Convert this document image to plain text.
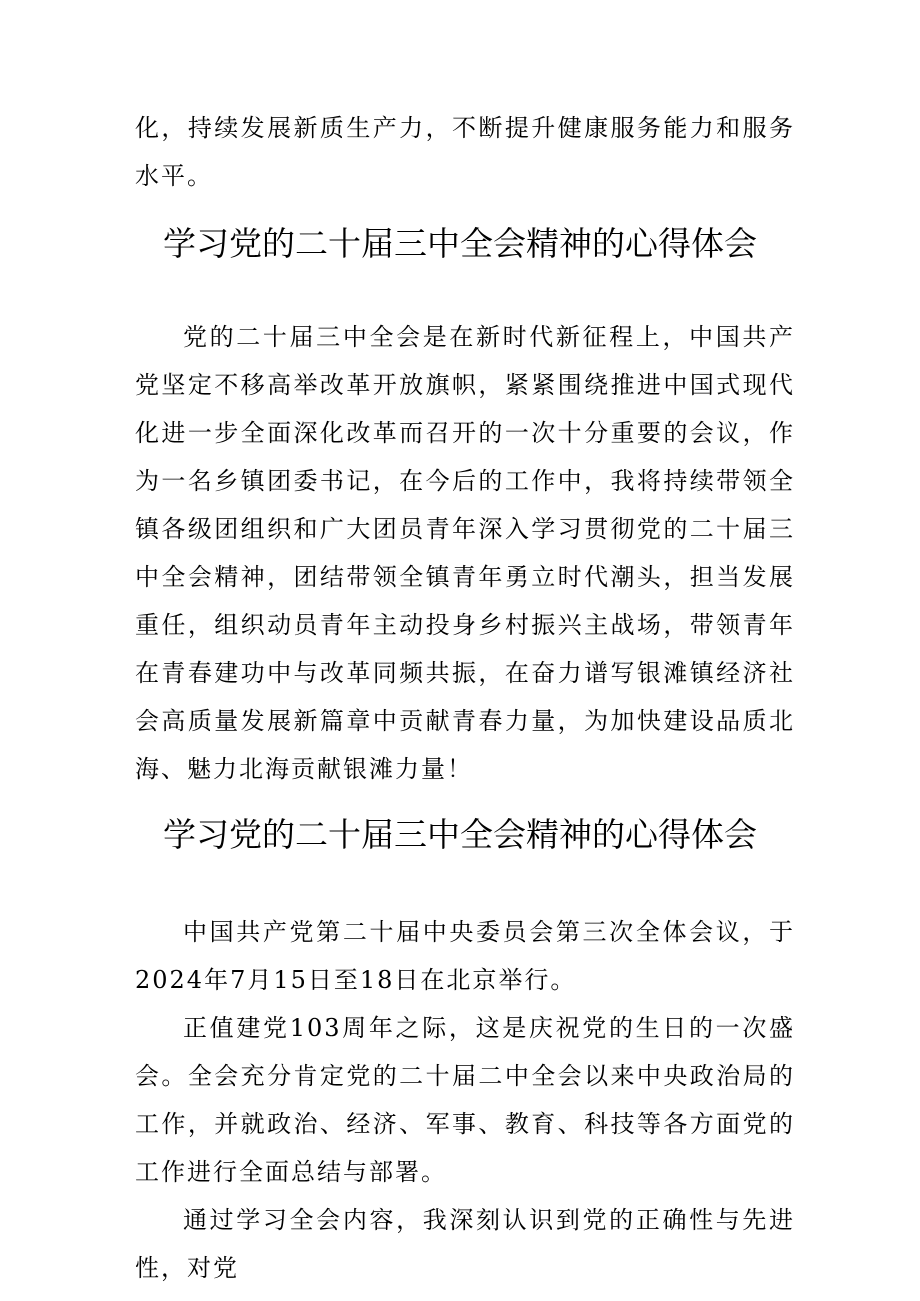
化，持续发展新质生产力，不断提升健康服务能力和服务水平。

学习党的二十届三中全会精神的心得体会

党的二十届三中全会是在新时代新征程上，中国共产党坚定不移高举改革开放旗帜，紧紧围绕推进中国式现代化进一步全面深化改革而召开的一次十分重要的会议，作为一名乡镇团委书记，在今后的工作中，我将持续带领全镇各级团组织和广大团员青年深入学习贯彻党的二十届三中全会精神，团结带领全镇青年勇立时代潮头，担当发展重任，组织动员青年主动投身乡村振兴主战场，带领青年在青春建功中与改革同频共振，在奋力谱写银滩镇经济社会高质量发展新篇章中贡献青春力量，为加快建设品质北海、魅力北海贡献银滩力量！

学习党的二十届三中全会精神的心得体会

中国共产党第二十届中央委员会第三次全体会议，于2024年7月15日至18日在北京举行。

正值建党103周年之际，这是庆祝党的生日的一次盛会。全会充分肯定党的二十届二中全会以来中央政治局的工作，并就政治、经济、军事、教育、科技等各方面党的工作进行全面总结与部署。

通过学习全会内容，我深刻认识到党的正确性与先进性，对党
